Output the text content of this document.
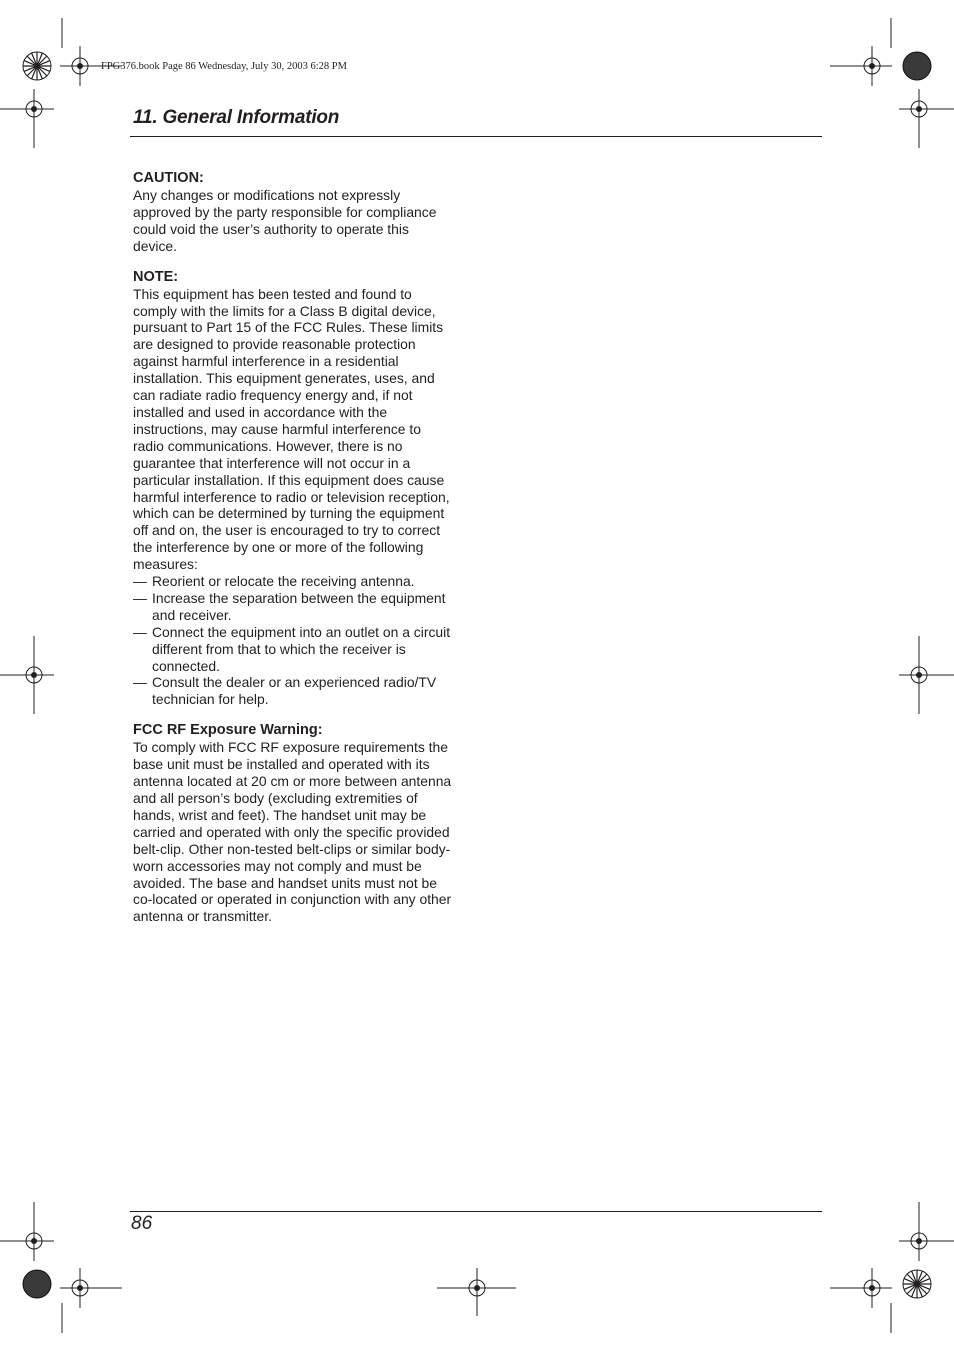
FPG376.book Page 86 Wednesday, July 30, 2003 6:28 PM
11. General Information
CAUTION:

Any changes or modifications not expressly approved by the party responsible for compliance could void the user’s authority to operate this device.

NOTE:

This equipment has been tested and found to comply with the limits for a Class B digital device, pursuant to Part 15 of the FCC Rules. These limits are designed to provide reasonable protection against harmful interference in a residential installation. This equipment generates, uses, and can radiate radio frequency energy and, if not installed and used in accordance with the instructions, may cause harmful interference to radio communications. However, there is no guarantee that interference will not occur in a particular installation. If this equipment does cause harmful interference to radio or television reception, which can be determined by turning the equipment off and on, the user is encouraged to try to correct the interference by one or more of the following measures:

— Reorient or relocate the receiving antenna.
— Increase the separation between the equipment and receiver.
— Connect the equipment into an outlet on a circuit different from that to which the receiver is connected.
— Consult the dealer or an experienced radio/TV technician for help.
FCC RF Exposure Warning:

To comply with FCC RF exposure requirements the base unit must be installed and operated with its antenna located at 20 cm or more between antenna and all person’s body (excluding extremities of hands, wrist and feet). The handset unit may be carried and operated with only the specific provided belt-clip. Other non-tested belt-clips or similar body-worn accessories may not comply and must be avoided. The base and handset units must not be co-located or operated in conjunction with any other antenna or transmitter.

86
